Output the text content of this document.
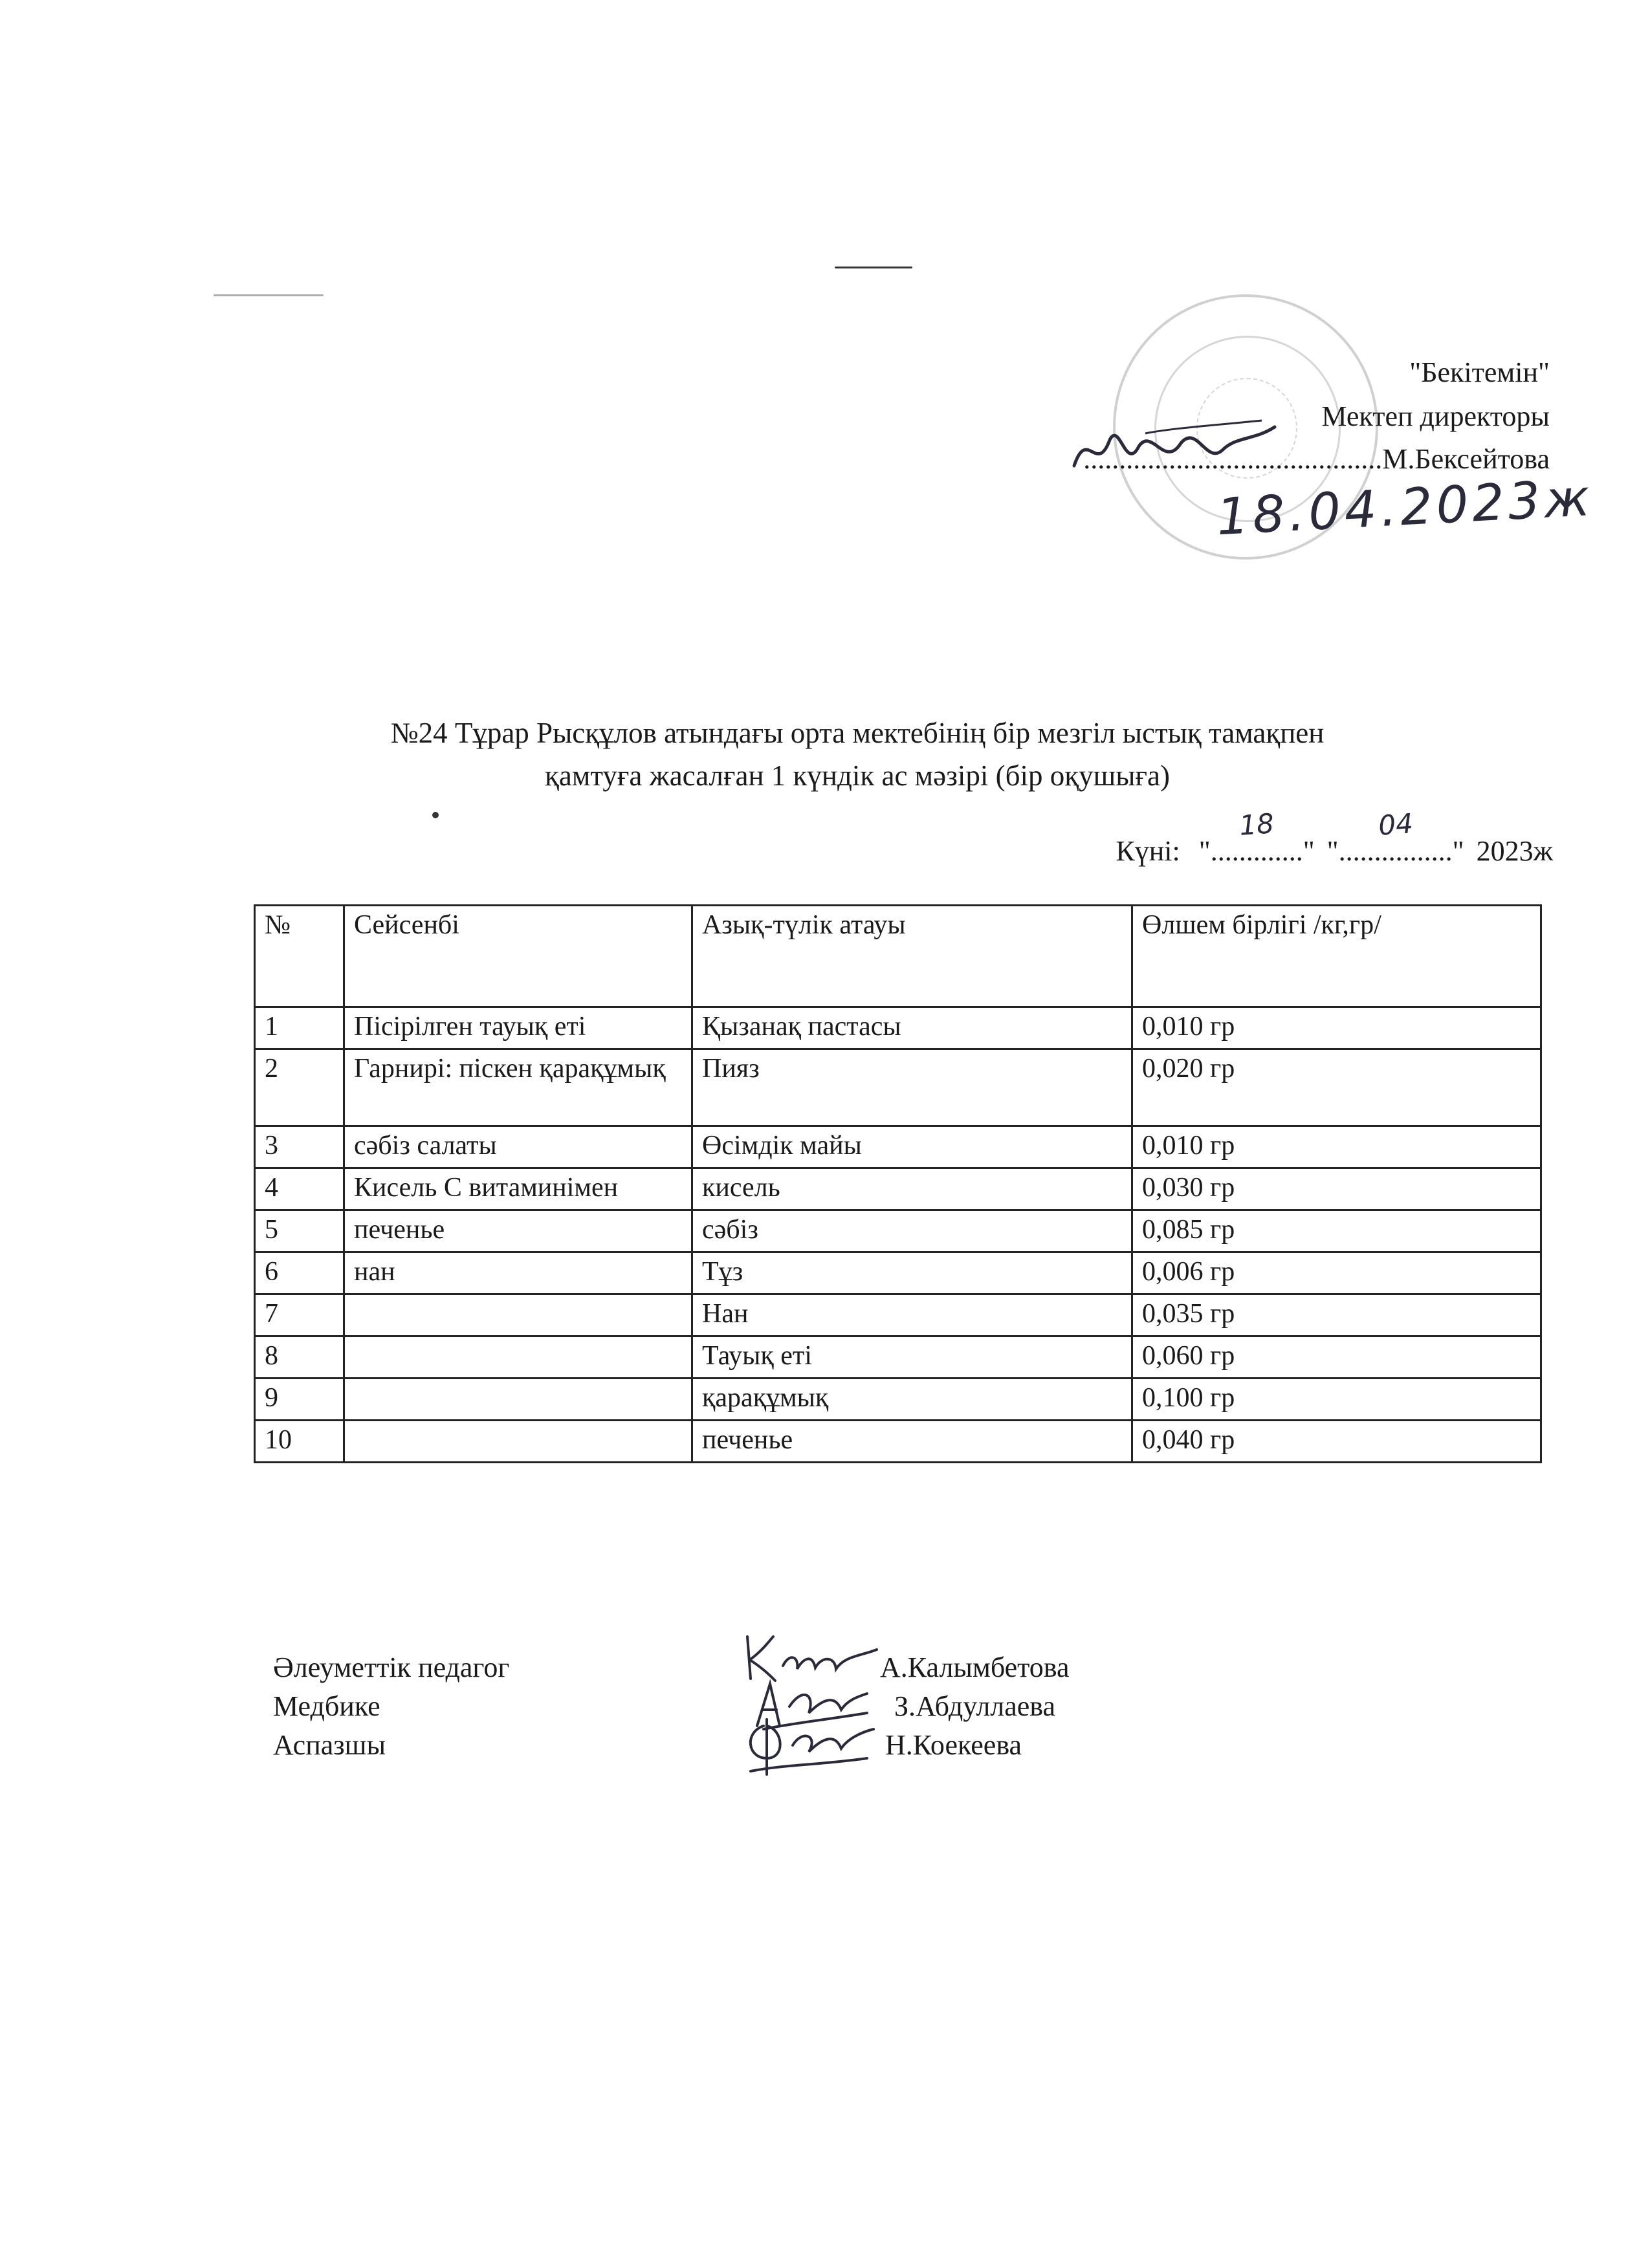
"Бекітемін"
Мектеп директоры
..........................................М.Бексейтова
18.04.2023ж
№24 Тұрар Рысқұлов атындағы орта мектебінің бір мезгіл ыстық тамақпен
қамтуға жасалған 1 күндік ас мәзірі (бір оқушыға)
Күні: "............."
18
"................"
04
2023ж
№	Сейсенбі	Азық-түлік атауы	Өлшем бірлігі /кг,гр/
1	Пісірілген тауық еті	Қызанақ пастасы	0,010 гр
2	Гарнирі: піскен қарақұмық	Пияз	0,020 гр
3	сәбіз салаты	Өсімдік майы	0,010 гр
4	Кисель С витаминімен	кисель	0,030 гр
5	печенье	сәбіз	0,085 гр
6	нан	Тұз	0,006 гр
7		Нан	0,035 гр
8		Тауық еті	0,060 гр
9		қарақұмық	0,100 гр
10		печенье	0,040 гр
Әлеуметтік педагог	А.Калымбетова
Медбике	З.Абдуллаева
Аспазшы	Н.Коекеева
